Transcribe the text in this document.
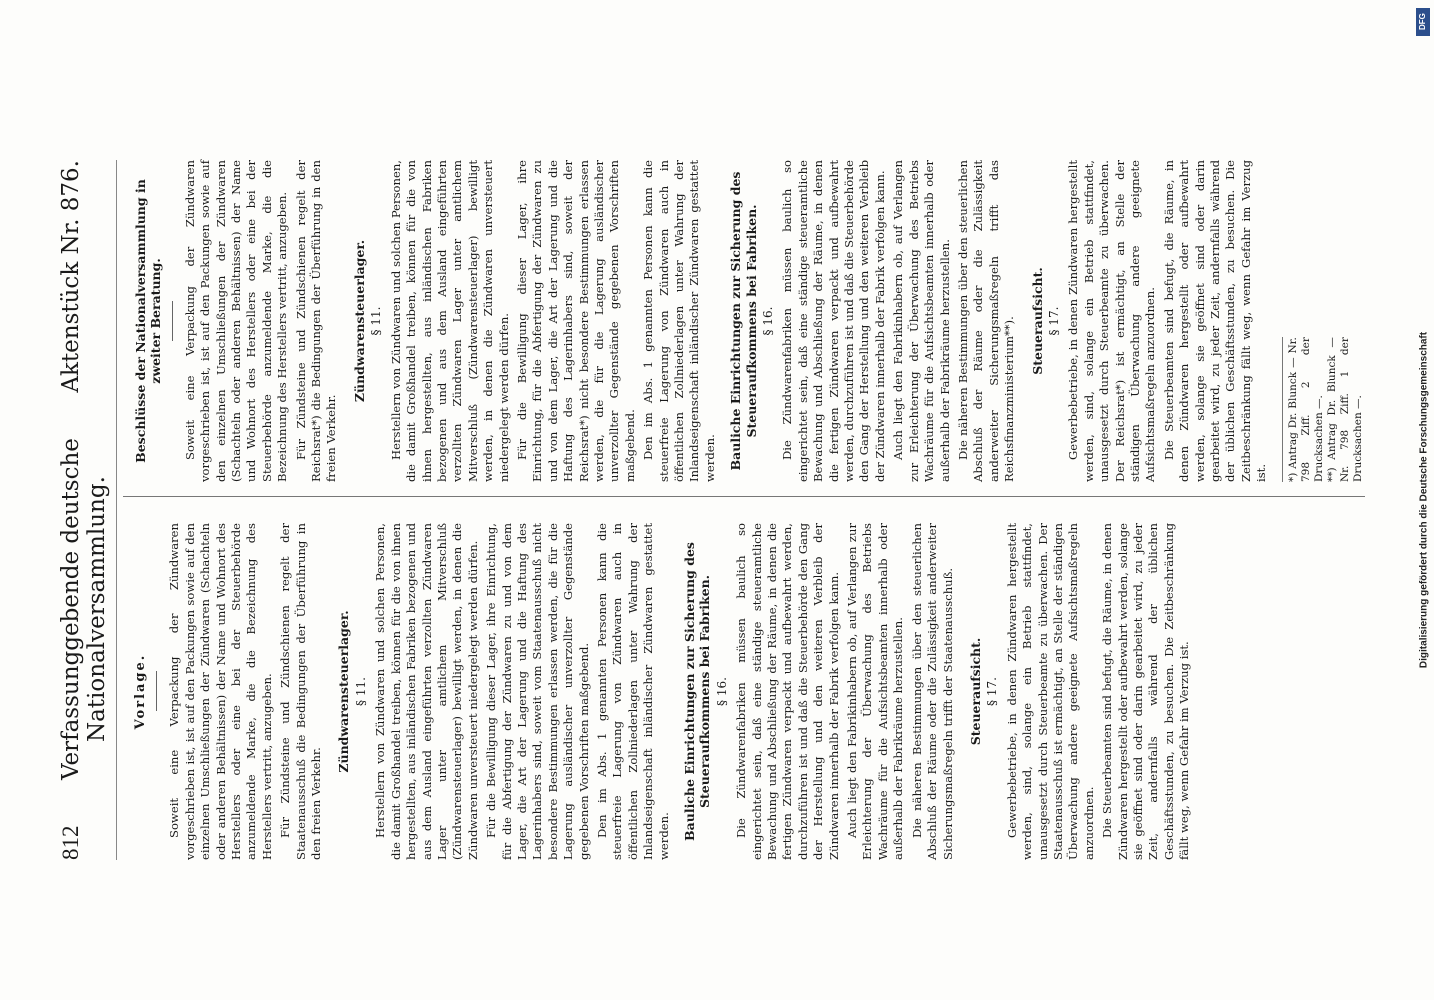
812
Verfassunggebende deutsche Nationalversammlung.
Aktenstück Nr. 876.
Vorlage. Soweit eine Verpackung der Zündwaren vorgeschrieben ist, ist auf den Packungen sowie auf den einzelnen Umschließungen der Zündwaren (Schachteln oder anderen Behältnissen) der Name und Wohnort des Herstellers oder eine bei der Steuerbehörde anzumeldende Marke, die die Bezeichnung des Herstellers vertritt, anzugeben. Für Zündsteine und Zündschienen regelt der Staatenausschuß die Bedingungen der Überführung in den freien Verkehr.

Zündwarensteuerlager. § 11. Herstellern von Zündwaren und solchen Personen, die damit Großhandel treiben, können für die von ihnen hergestellten, aus inländischen Fabriken bezogenen und aus dem Ausland eingeführten verzollten Zündwaren Lager unter amtlichem Mitverschluß (Zündwarensteuerlager) bewilligt werden, in denen die Zündwaren unversteuert niedergelegt werden dürfen. Für die Bewilligung dieser Lager, ihre Einrichtung, für die Abfertigung der Zündwaren zu und von dem Lager, die Art der Lagerung und die Haftung des Lagerinhabers sind, soweit vom Staatenausschuß nicht besondere Bestimmungen erlassen werden, die für die Lagerung ausländischer unverzollter Gegenstände gegebenen Vorschriften maßgebend. Den im Abs. 1 genannten Personen kann die steuerfreie Lagerung von Zündwaren auch in öffentlichen Zollniederlagen unter Wahrung der Inlandseigenschaft inländischer Zündwaren gestattet werden. Bauliche Einrichtungen zur Sicherung des Steueraufkommens bei Fabriken. § 16. Die Zündwarenfabriken müssen baulich so eingerichtet sein, daß eine ständige steueramtliche Bewachung und Abschließung der Räume, in denen die fertigen Zündwaren verpackt und aufbewahrt werden, durchzuführen ist und daß die Steuerbehörde den Gang der Herstellung und den weiteren Verbleib der Zündwaren innerhalb der Fabrik verfolgen kann. Auch liegt den Fabrikinhabern ob, auf Verlangen zur Erleichterung der Überwachung des Betriebs Wachräume für die Aufsichtsbeamten innerhalb oder außerhalb der Fabrikräume herzustellen. Die näheren Bestimmungen über den steuerlichen Abschluß der Räume oder die Zulässigkeit anderweiter Sicherungsmaßregeln trifft der Staatenausschuß. Steueraufsicht. § 17. Gewerbebetriebe, in denen Zündwaren hergestellt werden, sind, solange ein Betrieb stattfindet, unausgesetzt durch Steuerbeamte zu überwachen. Der Staatenausschuß ist ermächtigt, an Stelle der ständigen Überwachung andere geeignete Aufsichtsmaßregeln anzuordnen. Die Steuerbeamten sind befugt, die Räume, in denen Zündwaren hergestellt oder aufbewahrt werden, solange sie geöffnet sind oder darin gearbeitet wird, zu jeder Zeit, andernfalls während der üblichen Geschäftsstunden, zu besuchen. Die Zeitbeschränkung fällt weg, wenn Gefahr im Verzug ist.

Beschlüsse der Nationalversammlung in zweiter Beratung. Soweit eine Verpackung der Zündwaren vorgeschrieben ist, ist auf den Packungen sowie auf den einzelnen Umschließungen der Zündwaren (Schachteln oder anderen Behältnissen) der Name und Wohnort des Herstellers oder eine bei der Steuerbehörde anzumeldende Marke, die die Bezeichnung des Herstellers vertritt, anzugeben. Für Zündsteine und Zündschienen regelt der Reichsrat*) die Bedingungen der Überführung in den freien Verkehr.

Zündwarensteuerlager. § 11. Herstellern von Zündwaren und solchen Personen, die damit Großhandel treiben, können für die von ihnen hergestellten, aus inländischen Fabriken bezogenen und aus dem Ausland eingeführten verzollten Zündwaren Lager unter amtlichem Mitverschluß (Zündwarensteuerlager) bewilligt werden, in denen die Zündwaren unversteuert niedergelegt werden dürfen. Für die Bewilligung dieser Lager, ihre Einrichtung, für die Abfertigung der Zündwaren zu und von dem Lager, die Art der Lagerung und die Haftung des Lagerinhabers sind, soweit der Reichsrat*) nicht besondere Bestimmungen erlassen werden, die für die Lagerung ausländischer unverzollter Gegenstände gegebenen Vorschriften maßgebend. Den im Abs. 1 genannten Personen kann die steuerfreie Lagerung von Zündwaren auch in öffentlichen Zollniederlagen unter Wahrung der Inlandseigenschaft inländischer Zündwaren gestattet werden. Bauliche Einrichtungen zur Sicherung des Steueraufkommens bei Fabriken. § 16. Die Zündwarenfabriken müssen baulich so eingerichtet sein, daß eine ständige steueramtliche Bewachung und Abschließung der Räume, in denen die fertigen Zündwaren verpackt und aufbewahrt werden, durchzuführen ist und daß die Steuerbehörde den Gang der Herstellung und den weiteren Verbleib der Zündwaren innerhalb der Fabrik verfolgen kann. Auch liegt den Fabrikinhabern ob, auf Verlangen zur Erleichterung der Überwachung des Betriebs Wachräume für die Aufsichtsbeamten innerhalb oder außerhalb der Fabrikräume herzustellen. Die näheren Bestimmungen über den steuerlichen Abschluß der Räume oder die Zulässigkeit anderweiter Sicherungsmaßregeln trifft das Reichsfinanzministerium**). Steueraufsicht. § 17. Gewerbebetriebe, in denen Zündwaren hergestellt werden, sind, solange ein Betrieb stattfindet, unausgesetzt durch Steuerbeamte zu überwachen. Der Reichsrat*) ist ermächtigt, an Stelle der ständigen Überwachung andere geeignete Aufsichtsmaßregeln anzuordnen. Die Steuerbeamten sind befugt, die Räume, in denen Zündwaren hergestellt oder aufbewahrt werden, solange sie geöffnet sind oder darin gearbeitet wird, zu jeder Zeit, andernfalls während der üblichen Geschäftsstunden, zu besuchen. Die Zeitbeschränkung fällt weg, wenn Gefahr im Verzug ist. *) Antrag Dr. Blunck — Nr. 798 Ziff. 2 der Drucksachen —. **) Antrag Dr. Blunck — Nr. 798 Ziff. 1 der Drucksachen —.
DFG
Digitalisierung gefördert durch die Deutsche Forschungsgemeinschaft
